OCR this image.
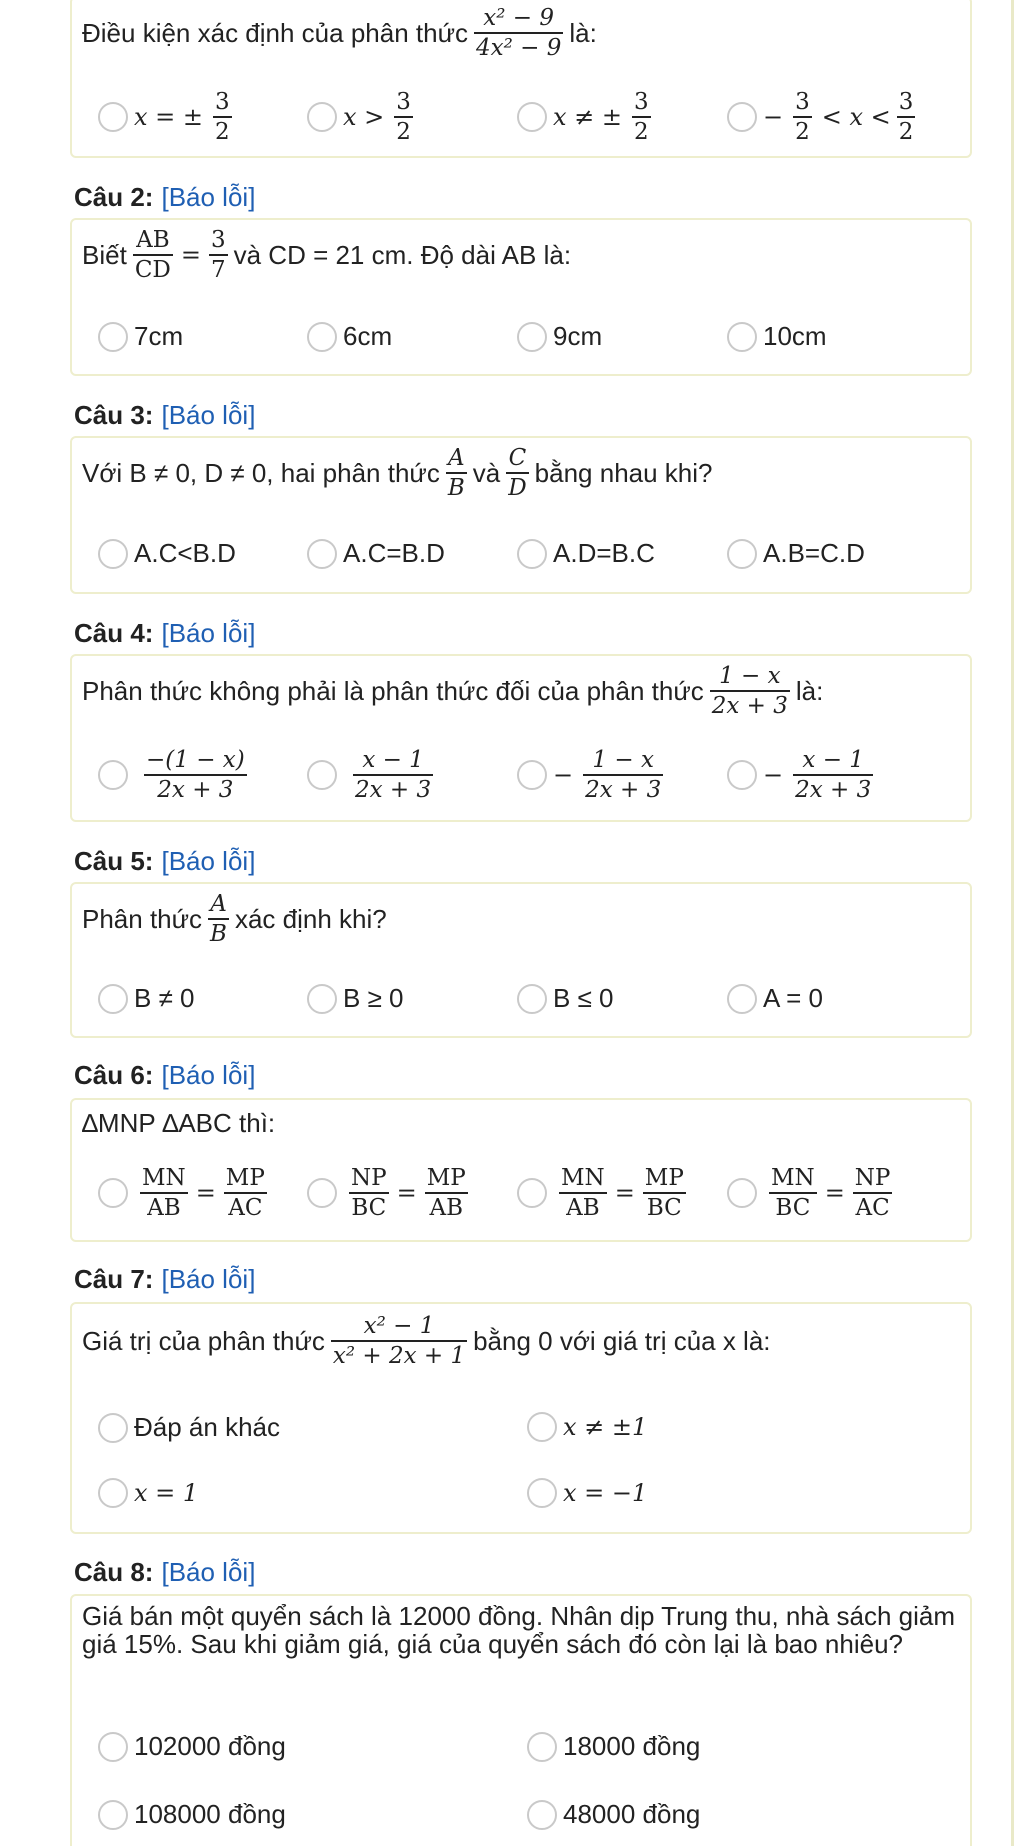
Điều kiện xác định của phân thức $\frac{\text{x² − 9}}{\text{4x² − 9}}$ là:
x = ± $\frac{3}{2}$	$x > \frac{3}{2}$	x ≠ ± $\frac{3}{2}$	− $\frac{3}{2} < x < \frac{3}{2}$
Câu 2: [Báo lỗi]
Biết $\frac{AB}{CD} = \frac{3}{7}$ và CD = 21 cm. Độ dài AB là:
7cm	6cm	9cm	10cm
Câu 3: [Báo lỗi]
Với B ≠ 0, D ≠ 0, hai phân thức $\frac{A}{B}$ và $\frac{C}{D}$ bằng nhau khi?
A.C<B.D	A.C=B.D	A.D=B.C	A.B=C.D
Câu 4: [Báo lỗi]
Phân thức không phải là phân thức đối của phân thức $\frac{1 - x}{2x + 3}$ là:
$\frac{-(1 - x)}{2x + 3}$	$\frac{x - 1}{2x + 3}$	− $\frac{1 - x}{2x + 3}$	− $\frac{x - 1}{2x + 3}$
Câu 5: [Báo lỗi]
Phân thức $\frac{A}{B}$ xác định khi?
B ≠ 0	B ≥ 0	B ≤ 0	A = 0
Câu 6: [Báo lỗi]
∆MNP ∆ABC thì:
$\frac{MN}{AB} = \frac{MP}{AC}$	$\frac{NP}{BC} = \frac{MP}{AB}$	$\frac{MN}{AB} = \frac{MP}{BC}$	$\frac{MN}{BC} = \frac{NP}{AC}$
Câu 7: [Báo lỗi]
Giá trị của phân thức $\frac{\text{x² − 1}}{\text{x² + 2x + 1}}$ bằng 0 với giá trị của x là:
Đáp án khác	x ≠ ±1
x = 1	x = −1
Câu 8: [Báo lỗi]
Giá bán một quyển sách là 12000 đồng. Nhân dịp Trung thu, nhà sách giảm giá 15%. Sau khi giảm giá, giá của quyển sách đó còn lại là bao nhiêu?
102000 đồng	18000 đồng
108000 đồng	48000 đồng
